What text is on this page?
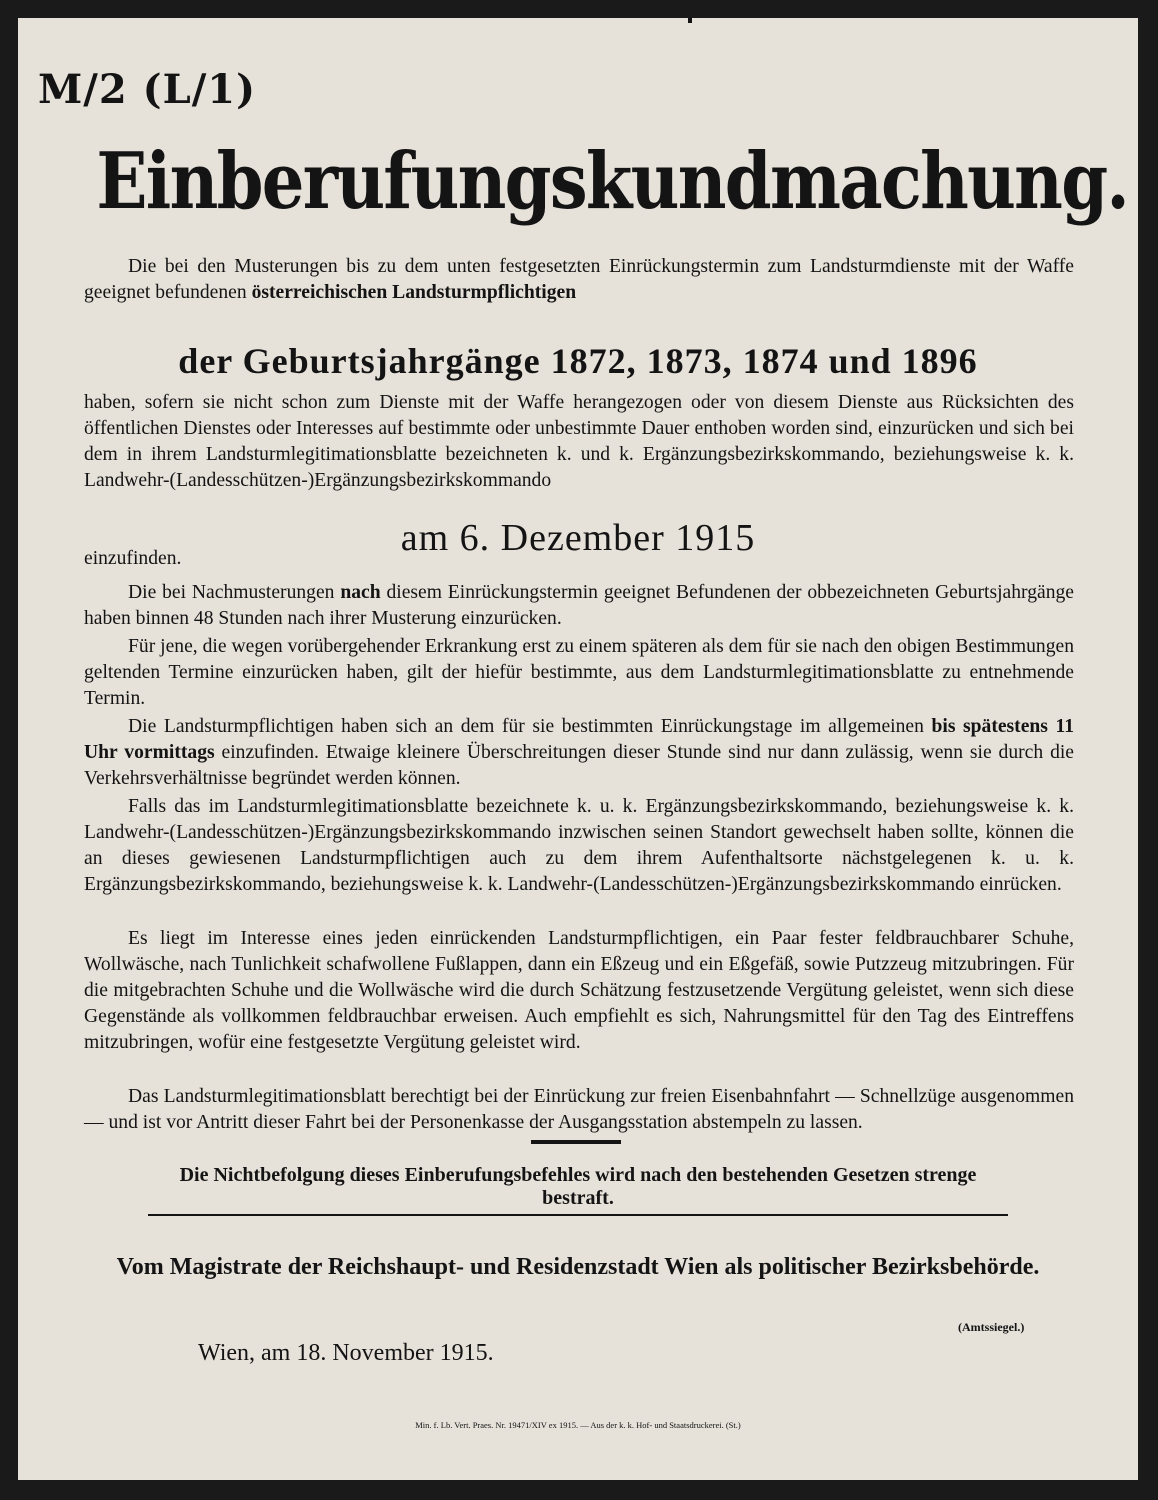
M/2 (L/1)

Einberufungskundmachung.

Die bei den Musterungen bis zu dem unten festgesetzten Einrückungstermin zum Landsturmdienste mit der Waffe geeignet befundenen österreichischen Landsturmpflichtigen

der Geburtsjahrgänge 1872, 1873, 1874 und 1896

haben, sofern sie nicht schon zum Dienste mit der Waffe herangezogen oder von diesem Dienste aus Rücksichten des öffentlichen Dienstes oder Interesses auf bestimmte oder unbestimmte Dauer enthoben worden sind, einzurücken und sich bei dem in ihrem Landsturmlegitimationsblatte bezeichneten k. und k. Ergänzungsbezirkskommando, beziehungsweise k. k. Landwehr-(Landesschützen-)Ergänzungsbezirkskommando

am 6. Dezember 1915

einzufinden.

Die bei Nachmusterungen nach diesem Einrückungstermin geeignet Befundenen der obbezeichneten Geburtsjahrgänge haben binnen 48 Stunden nach ihrer Musterung einzurücken.

Für jene, die wegen vorübergehender Erkrankung erst zu einem späteren als dem für sie nach den obigen Bestimmungen geltenden Termine einzurücken haben, gilt der hiefür bestimmte, aus dem Landsturmlegitimationsblatte zu entnehmende Termin.

Die Landsturmpflichtigen haben sich an dem für sie bestimmten Einrückungstage im allgemeinen bis spätestens 11 Uhr vormittags einzufinden. Etwaige kleinere Überschreitungen dieser Stunde sind nur dann zulässig, wenn sie durch die Verkehrsverhältnisse begründet werden können.

Falls das im Landsturmlegitimationsblatte bezeichnete k. u. k. Ergänzungsbezirkskommando, beziehungsweise k. k. Landwehr-(Landesschützen-)Ergänzungsbezirkskommando inzwischen seinen Standort gewechselt haben sollte, können die an dieses gewiesenen Landsturmpflichtigen auch zu dem ihrem Aufenthaltsorte nächstgelegenen k. u. k. Ergänzungsbezirkskommando, beziehungsweise k. k. Landwehr-(Landesschützen-)Ergänzungsbezirkskommando einrücken.

Es liegt im Interesse eines jeden einrückenden Landsturmpflichtigen, ein Paar fester feldbrauchbarer Schuhe, Wollwäsche, nach Tunlichkeit schafwollene Fußlappen, dann ein Eßzeug und ein Eßgefäß, sowie Putzzeug mitzubringen. Für die mitgebrachten Schuhe und die Wollwäsche wird die durch Schätzung festzusetzende Vergütung geleistet, wenn sich diese Gegenstände als vollkommen feldbrauchbar erweisen. Auch empfiehlt es sich, Nahrungsmittel für den Tag des Eintreffens mitzubringen, wofür eine festgesetzte Vergütung geleistet wird.

Das Landsturmlegitimationsblatt berechtigt bei der Einrückung zur freien Eisenbahnfahrt — Schnellzüge ausgenommen — und ist vor Antritt dieser Fahrt bei der Personenkasse der Ausgangsstation abstempeln zu lassen.

Die Nichtbefolgung dieses Einberufungsbefehles wird nach den bestehenden Gesetzen strenge bestraft.

Vom Magistrate der Reichshaupt- und Residenzstadt Wien als politischer Bezirksbehörde.

(Amtssiegel.)

Wien, am 18. November 1915.

Min. f. Lb. Vert. Praes. Nr. 19471/XIV ex 1915. — Aus der k. k. Hof- und Staatsdruckerei. (St.)
